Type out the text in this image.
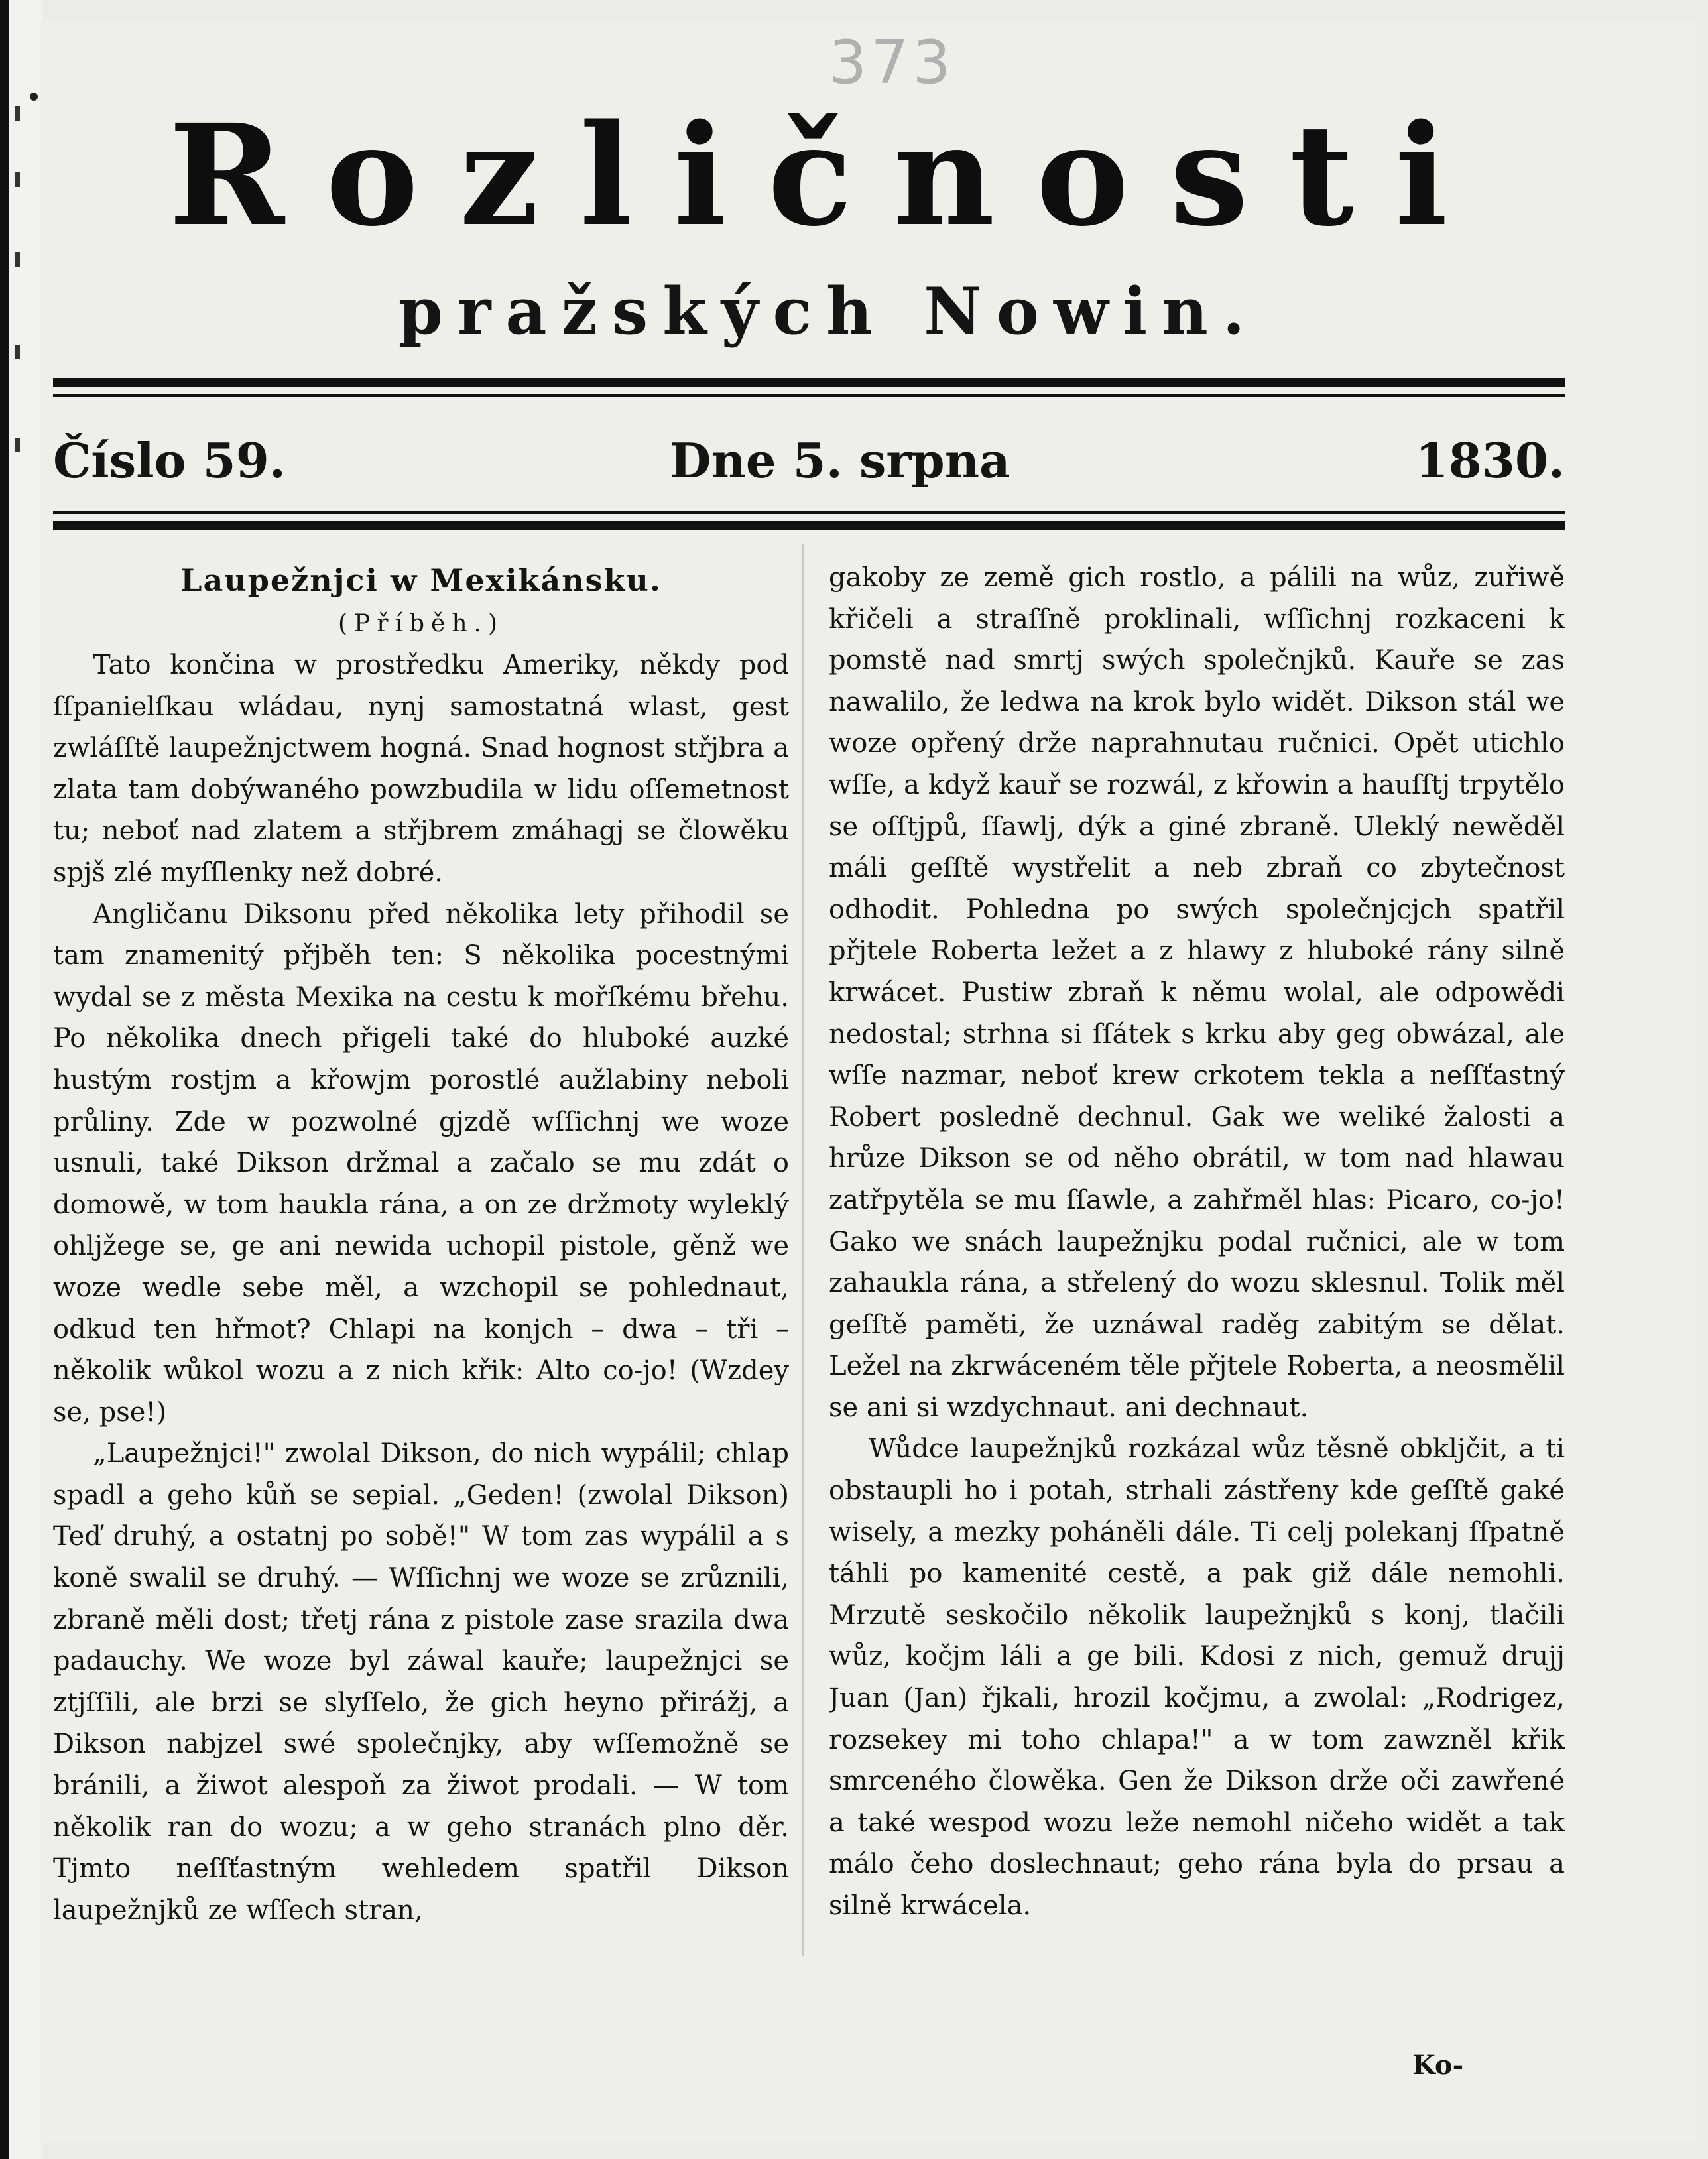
373
Rozličnosti
pražských Nowin.
Číslo 59.	Dne 5. srpna	1830.

Laupežnjci w Mexikánsku.

(Příběh.)

Tato končina w prostředku Ameriky, někdy pod ſſpanielſkau wládau, nynj samostatná wlast, gest zwláſſtě laupežnjctwem hogná. Snad hognost střjbra a zlata tam dobýwaného powzbudila w lidu oſſemetnost tu; neboť nad zlatem a střjbrem zmáhagj se člowěku spjš zlé myſſlenky než dobré.

Angličanu Diksonu před několika lety přihodil se tam znamenitý přjběh ten: S několika pocestnými wydal se z města Mexika na cestu k mořſkému břehu. Po několika dnech přigeli také do hluboké auzké hustým rostjm a křowjm porostlé aužlabiny neboli průliny. Zde w pozwolné gjzdě wſſichnj we woze usnuli, také Dikson držmal a začalo se mu zdát o domowě, w tom haukla rána, a on ze držmoty wyleklý ohljžege se, ge ani newida uchopil pistole, gěnž we woze wedle sebe měl, a wzchopil se pohlednaut, odkud ten hřmot? Chlapi na konjch – dwa – tři – několik wůkol wozu a z nich křik: Alto co-jo! (Wzdey se, pse!)

„Laupežnjci!" zwolal Dikson, do nich wypálil; chlap spadl a geho kůň se sepial. „Geden! (zwolal Dikson) Teď druhý, a ostatnj po sobě!" W tom zas wypálil a s koně swalil se druhý. — Wſſichnj we woze se zrůznili, zbraně měli dost; třetj rána z pistole zase srazila dwa padauchy. We woze byl záwal kauře; laupežnjci se ztjſſili, ale brzi se slyſſelo, že gich heyno přirážj, a Dikson nabjzel swé společnjky, aby wſſemožně se bránili, a žiwot alespoň za žiwot prodali. — W tom několik ran do wozu; a w geho stranách plno děr. Tjmto neſſťastným wehledem spatřil Dikson laupežnjků ze wſſech stran,

gakoby ze země gich rostlo, a pálili na wůz, zuřiwě křičeli a straſſně proklinali, wſſichnj rozkaceni k pomstě nad smrtj swých společnjků. Kauře se zas nawalilo, že ledwa na krok bylo widět. Dikson stál we woze opřený drže naprahnutau ručnici. Opět utichlo wſſe, a když kauř se rozwál, z křowin a hauſſtj trpytělo se oſſtjpů, ſſawlj, dýk a giné zbraně. Uleklý newěděl máli geſſtě wystřelit a neb zbraň co zbytečnost odhodit. Pohledna po swých společnjcjch spatřil přjtele Roberta ležet a z hlawy z hluboké rány silně krwácet. Pustiw zbraň k němu wolal, ale odpowědi nedostal; strhna si ſſátek s krku aby geg obwázal, ale wſſe nazmar, neboť krew crkotem tekla a neſſťastný Robert posledně dechnul. Gak we weliké žalosti a hrůze Dikson se od něho obrátil, w tom nad hlawau zatřpytěla se mu ſſawle, a zahřměl hlas: Picaro, co-jo! Gako we snách laupežnjku podal ručnici, ale w tom zahaukla rána, a střelený do wozu sklesnul. Tolik měl geſſtě paměti, že uznáwal raděg zabitým se dělat. Ležel na zkrwáceném těle přjtele Roberta, a neosmělil se ani si wzdychnaut. ani dechnaut.

Wůdce laupežnjků rozkázal wůz těsně obkljčit, a ti obstaupli ho i potah, strhali zástřeny kde geſſtě gaké wisely, a mezky poháněli dále. Ti celj polekanj ſſpatně táhli po kamenité cestě, a pak giž dále nemohli. Mrzutě seskočilo několik laupežnjků s konj, tlačili wůz, kočjm láli a ge bili. Kdosi z nich, gemuž drujj Juan (Jan) řjkali, hrozil kočjmu, a zwolal: „Rodrigez, rozsekey mi toho chlapa!" a w tom zawzněl křik smrceného člowěka. Gen že Dikson drže oči zawřené a také wespod wozu leže nemohl ničeho widět a tak málo čeho doslechnaut; geho rána byla do prsau a silně krwácela.

Ko-
